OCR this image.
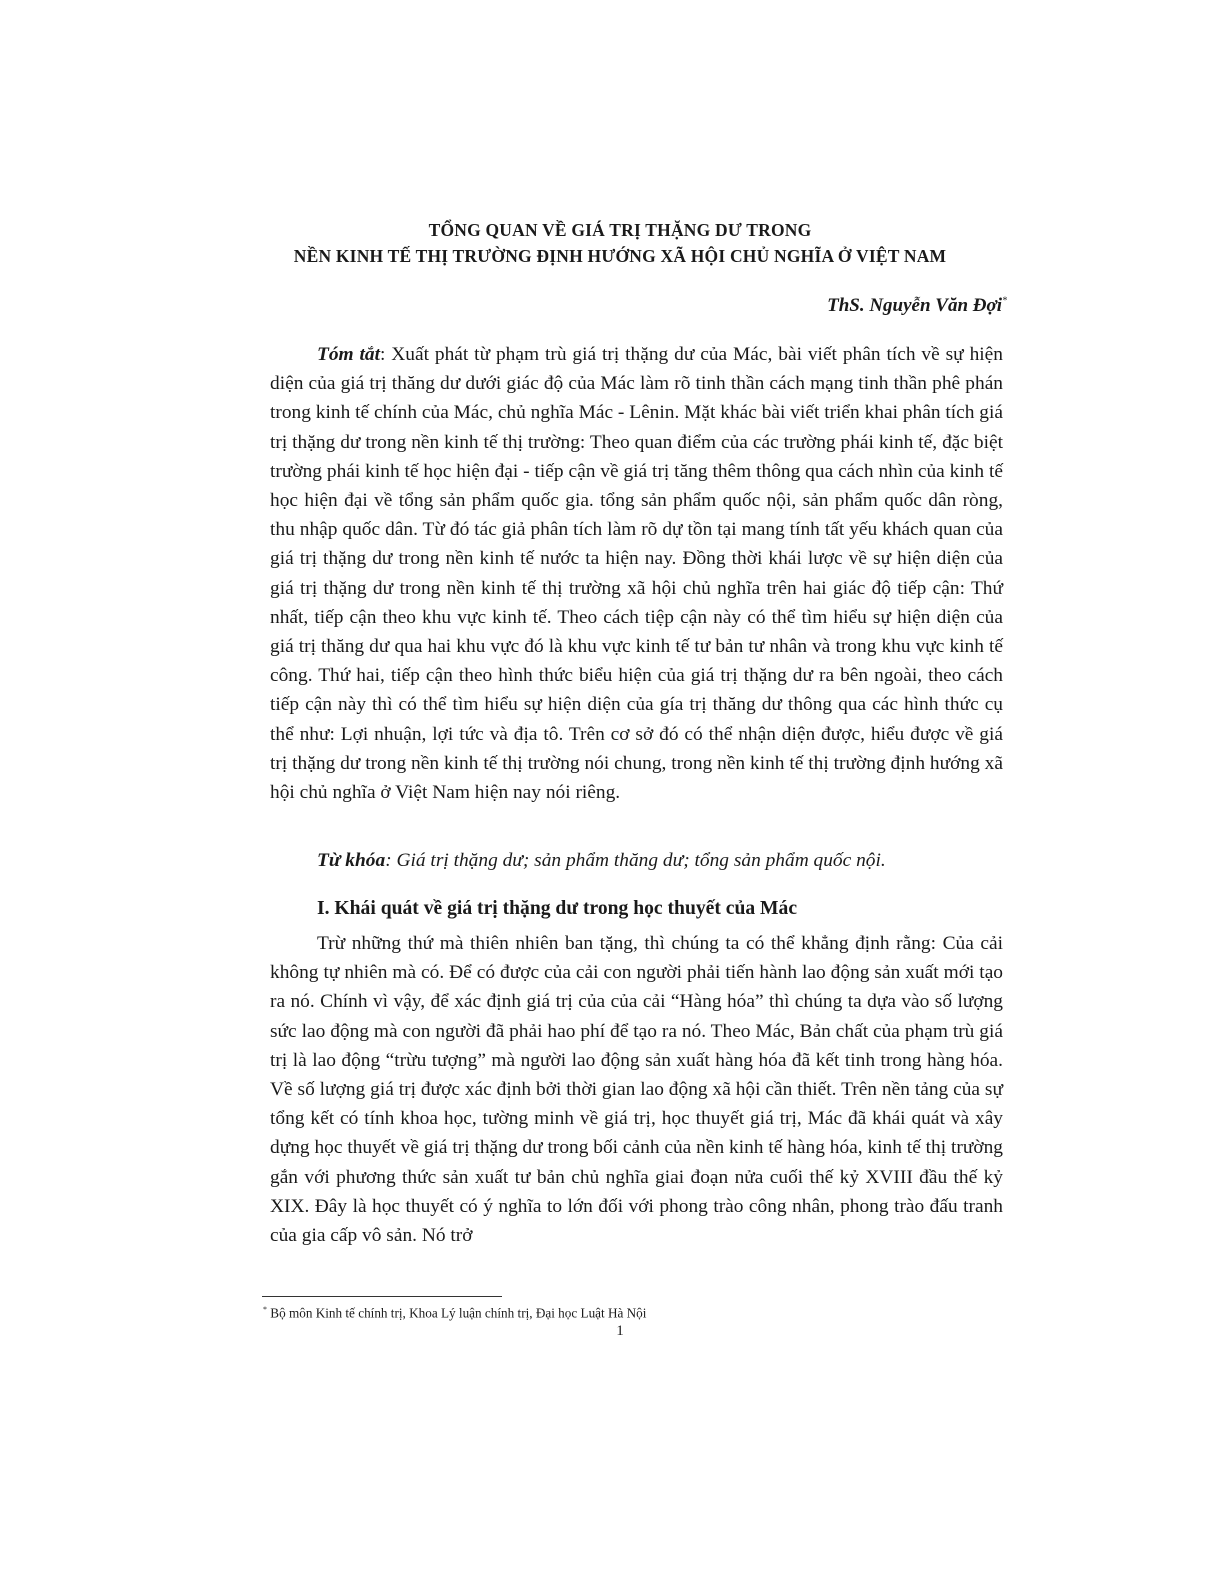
TỔNG QUAN VỀ GIÁ TRỊ THẶNG DƯ TRONG
NỀN KINH TẾ THỊ TRƯỜNG ĐỊNH HƯỚNG XÃ HỘI CHỦ NGHĨA Ở VIỆT NAM
ThS. Nguyễn Văn Đợi*
Tóm tắt: Xuất phát từ phạm trù giá trị thặng dư của Mác, bài viết phân tích về sự hiện diện của giá trị thăng dư dưới giác độ của Mác làm rõ tinh thần cách mạng tinh thần phê phán trong kinh tế chính của Mác, chủ nghĩa Mác - Lênin. Mặt khác bài viết triển khai phân tích giá trị thặng dư trong nền kinh tế thị trường: Theo quan điểm của các trường phái kinh tế, đặc biệt trường phái kinh tế học hiện đại - tiếp cận về giá trị tăng thêm thông qua cách nhìn của kinh tế học hiện đại về tổng sản phẩm quốc gia. tổng sản phẩm quốc nội, sản phẩm quốc dân ròng, thu nhập quốc dân. Từ đó tác giả phân tích làm rõ dự tồn tại mang tính tất yếu khách quan của giá trị thặng dư trong nền kinh tế nước ta hiện nay. Đồng thời khái lược về sự hiện diện của giá trị thặng dư trong nền kinh tế thị trường xã hội chủ nghĩa trên hai giác độ tiếp cận: Thứ nhất, tiếp cận theo khu vực kinh tế. Theo cách tiệp cận này có thể tìm hiểu sự hiện diện của giá trị thăng dư qua hai khu vực đó là khu vực kinh tế tư bản tư nhân và trong khu vực kinh tế công. Thứ hai, tiếp cận theo hình thức biểu hiện của giá trị thặng dư ra bên ngoài, theo cách tiếp cận này thì có thể tìm hiểu sự hiện diện của gía trị thăng dư thông qua các hình thức cụ thể như: Lợi nhuận, lợi tức và địa tô. Trên cơ sở đó có thể nhận diện được, hiểu được về giá trị thặng dư trong nền kinh tế thị trường nói chung, trong nền kinh tế thị trường định hướng xã hội chủ nghĩa ở Việt Nam hiện nay nói riêng.
Từ khóa: Giá trị thặng dư; sản phẩm thăng dư; tổng sản phẩm quốc nội.
I. Khái quát về giá trị thặng dư trong học thuyết của Mác
Trừ những thứ mà thiên nhiên ban tặng, thì chúng ta có thể khẳng định rằng: Của cải không tự nhiên mà có. Để có được của cải con người phải tiến hành lao động sản xuất mới tạo ra nó. Chính vì vậy, để xác định giá trị của của cải “Hàng hóa” thì chúng ta dựa vào số lượng sức lao động mà con người đã phải hao phí để tạo ra nó. Theo Mác, Bản chất của phạm trù giá trị là lao động “trừu tượng” mà người lao động sản xuất hàng hóa đã kết tinh trong hàng hóa. Về số lượng giá trị được xác định bởi thời gian lao động xã hội cần thiết. Trên nền tảng của sự tổng kết có tính khoa học, tường minh về giá trị, học thuyết giá trị, Mác đã khái quát và xây dựng học thuyết về giá trị thặng dư trong bối cảnh của nền kinh tế hàng hóa, kinh tế thị trường gắn với phương thức sản xuất tư bản chủ nghĩa giai đoạn nửa cuối thế kỷ XVIII đầu thế kỷ XIX. Đây là học thuyết có ý nghĩa to lớn đối với phong trào công nhân, phong trào đấu tranh của gia cấp vô sản. Nó trở
* Bộ môn Kinh tế chính trị, Khoa Lý luận chính trị, Đại học Luật Hà Nội
1
